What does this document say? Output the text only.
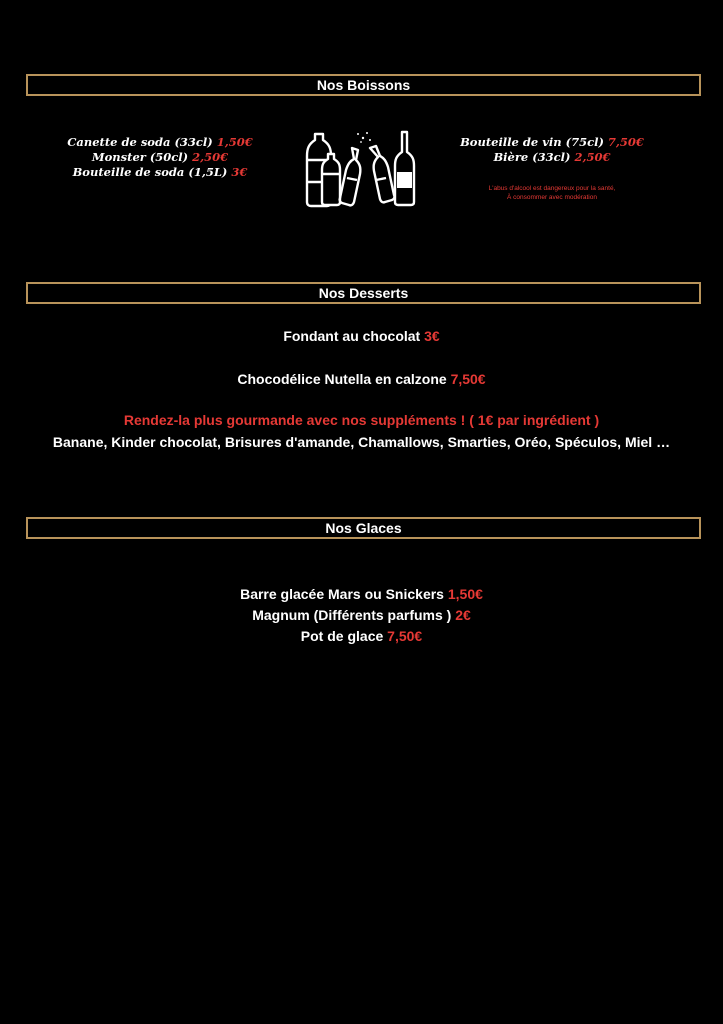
Nos Boissons
Canette de soda (33cl) 1,50€
Monster (50cl) 2,50€
Bouteille de soda (1,5L) 3€
Bouteille de vin (75cl) 7,50€
Bière (33cl) 2,50€
L'abus d'alcool est dangereux pour la santé,
À consommer avec modération
Nos Desserts
Fondant au chocolat 3€
Chocodélice Nutella en calzone 7,50€
Rendez-la plus gourmande avec nos suppléments ! ( 1€ par ingrédient )
Banane, Kinder chocolat, Brisures d'amande, Chamallows, Smarties, Oréo, Spéculos, Miel …
Nos Glaces
Barre glacée Mars ou Snickers 1,50€
Magnum (Différents parfums ) 2€
Pot de glace 7,50€
